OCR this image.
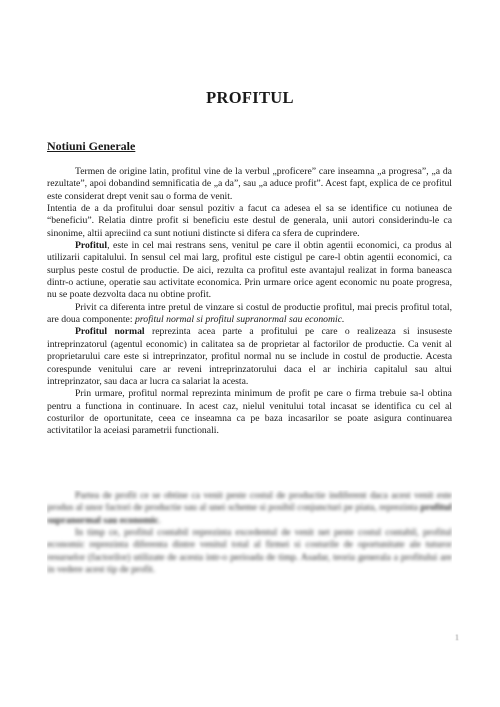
PROFITUL
Notiuni Generale

Termen de origine latin, profitul vine de la verbul „proficere” care inseamna „a progresa”, „a da rezultate”, apoi dobandind semnificatia de „a da”, sau „a aduce profit”. Acest fapt, explica de ce profitul este considerat drept venit sau o forma de venit.

Intentia de a da profitului doar sensul pozitiv a facut ca adesea el sa se identifice cu notiunea de “beneficiu”. Relatia dintre profit si beneficiu este destul de generala, unii autori considerindu-le ca sinonime, altii apreciind ca sunt notiuni distincte si difera ca sfera de cuprindere.

Profitul, este in cel mai restrans sens, venitul pe care il obtin agentii economici, ca produs al utilizarii capitalului. In sensul cel mai larg, profitul este cistigul pe care-l obtin agentii economici, ca surplus peste costul de productie. De aici, rezulta ca profitul este avantajul realizat in forma baneasca dintr-o actiune, operatie sau activitate economica. Prin urmare orice agent economic nu poate progresa, nu se poate dezvolta daca nu obtine profit.

Privit ca diferenta intre pretul de vinzare si costul de productie profitul, mai precis profitul total, are doua componente: profitul normal si profitul supranormal sau economic.

Profitul normal reprezinta acea parte a profitului pe care o realizeaza si insuseste intreprinzatorul (agentul economic) in calitatea sa de proprietar al factorilor de productie. Ca venit al proprietarului care este si intreprinzator, profitul normal nu se include in costul de productie. Acesta corespunde venitului care ar reveni intreprinzatorului daca el ar inchiria capitalul sau altui intreprinzator, sau daca ar lucra ca salariat la acesta.

Prin urmare, profitul normal reprezinta minimum de profit pe care o firma trebuie sa-l obtina pentru a functiona in continuare. In acest caz, nielul venitului total incasat se identifica cu cel al costurilor de oportunitate, ceea ce inseamna ca pe baza incasarilor se poate asigura continuarea activitatilor la aceiasi parametrii functionali.

Partea de profit ce se obtine ca venit peste costul de productie indiferent daca acest venit este produs al unor factori de productie sau al unei scheme si posibil conjuncturi pe piata, reprezinta profitul supranormal sau economic.

In timp ce, profitul contabil reprezinta excedentul de venit net peste costul contabil, profitul economic reprezinta diferenta dintre venitul total al firmei si costurile de oportunitate ale tuturor resurselor (factorilor) utilizate de acesta intr-o perioada de timp. Asadar, teoria generala a profitului are in vedere acest tip de profit.

1
